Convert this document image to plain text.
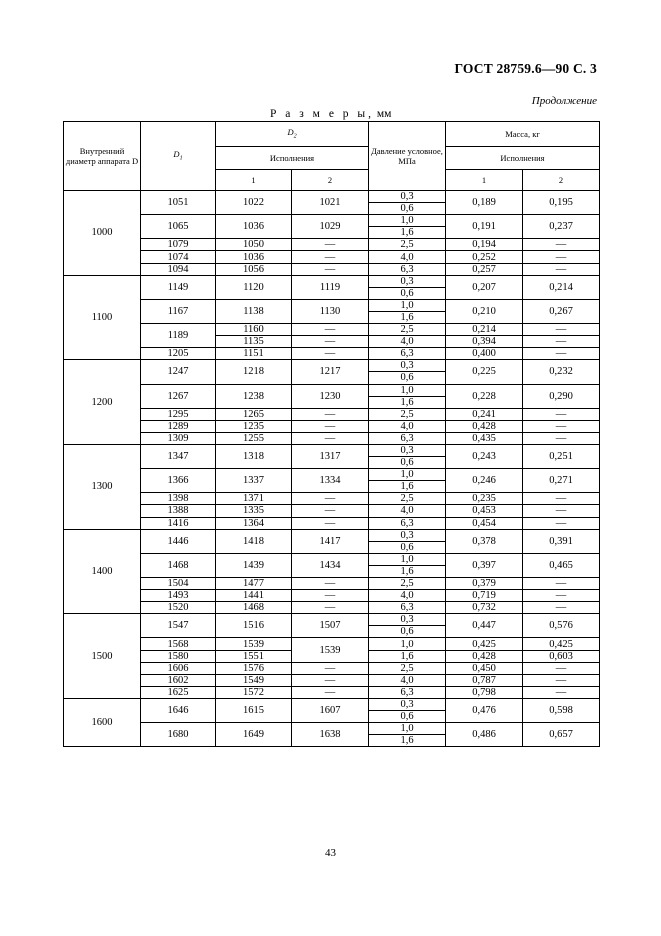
ГОСТ 28759.6—90 С. 3
Продолжение
Р а з м е р ы, мм
Внутренний диаметр аппарата D	$D_1$	$D_2$		Давление условное, МПа	Масса, кг	
		Исполнения			Исполнения	
		1	2		1	2
1000	1051	1022	1021	0,3	0,189	0,195
				0,6		
	1065	1036	1029	1,0	0,191	0,237
				1,6		
	1079	1050	—	2,5	0,194	—
	1074	1036	—	4,0	0,252	—
	1094	1056	—	6,3	0,257	—
1100	1149	1120	1119	0,3	0,207	0,214
				0,6		
	1167	1138	1130	1,0	0,210	0,267
				1,6		
	1189	1160	—	2,5	0,214	—
		1135	—	4,0	0,394	—
	1205	1151	—	6,3	0,400	—
1200	1247	1218	1217	0,3	0,225	0,232
				0,6		
	1267	1238	1230	1,0	0,228	0,290
				1,6		
	1295	1265	—	2,5	0,241	—
	1289	1235	—	4,0	0,428	—
	1309	1255	—	6,3	0,435	—
1300	1347	1318	1317	0,3	0,243	0,251
				0,6		
	1366	1337	1334	1,0	0,246	0,271
				1,6		
	1398	1371	—	2,5	0,235	—
	1388	1335	—	4,0	0,453	—
	1416	1364	—	6,3	0,454	—
1400	1446	1418	1417	0,3	0,378	0,391
				0,6		
	1468	1439	1434	1,0	0,397	0,465
				1,6		
	1504	1477	—	2,5	0,379	—
	1493	1441	—	4,0	0,719	—
	1520	1468	—	6,3	0,732	—
1500	1547	1516	1507	0,3	0,447	0,576
				0,6		
	1568	1539	1539	1,0	0,425	0,425
	1580	1551		1,6	0,428	0,603
	1606	1576	—	2,5	0,450	—
	1602	1549	—	4,0	0,787	—
	1625	1572	—	6,3	0,798	—
1600	1646	1615	1607	0,3	0,476	0,598
				0,6		
	1680	1649	1638	1,0	0,486	0,657
				1,6		
43
